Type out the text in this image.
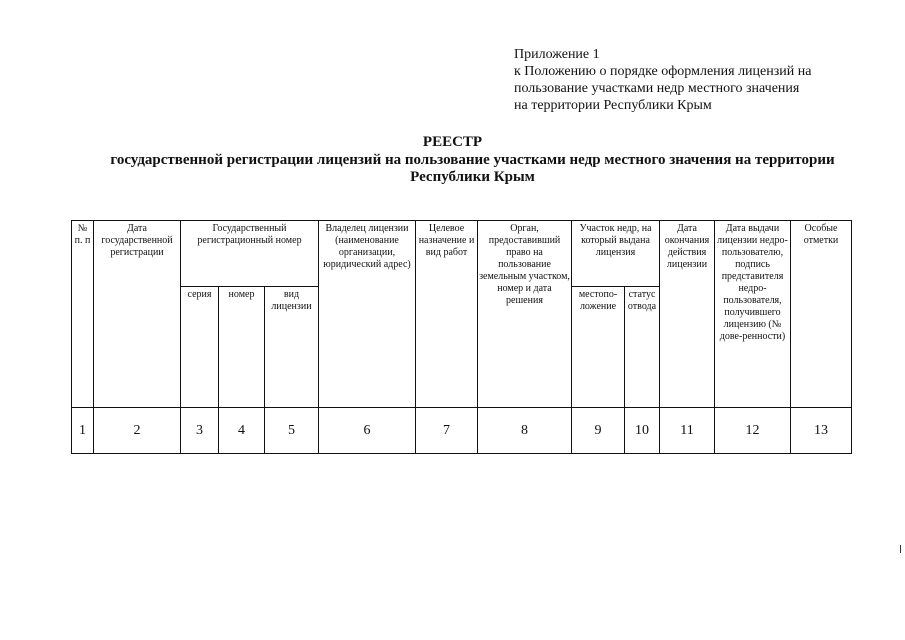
Приложение 1
к Положению о порядке оформления лицензий на
пользование участками недр местного значения
на территории Республики Крым
РЕЕСТР
государственной регистрации лицензий на пользование участками недр местного значения на территории
Республики Крым
№ п. п	Дата государственной регистрации	Государственный регистрационный номер			Владелец лицензии (наименование организации, юридический адрес)	Целевое назначение и вид работ	Орган, предоставивший право на пользование земельным участком, номер и дата решения	Участок недр, на который выдана лицензия		Дата окончания действия лицензии	Дата выдачи лицензии недро-пользователю, подпись представителя недро-пользователя, получившего лицензию (№ дове-ренности)	Особые отметки
		серия	номер	вид лицензии				местопо-ложение	статус отвода			
1	2	3	4	5	6	7	8	9	10	11	12	13
